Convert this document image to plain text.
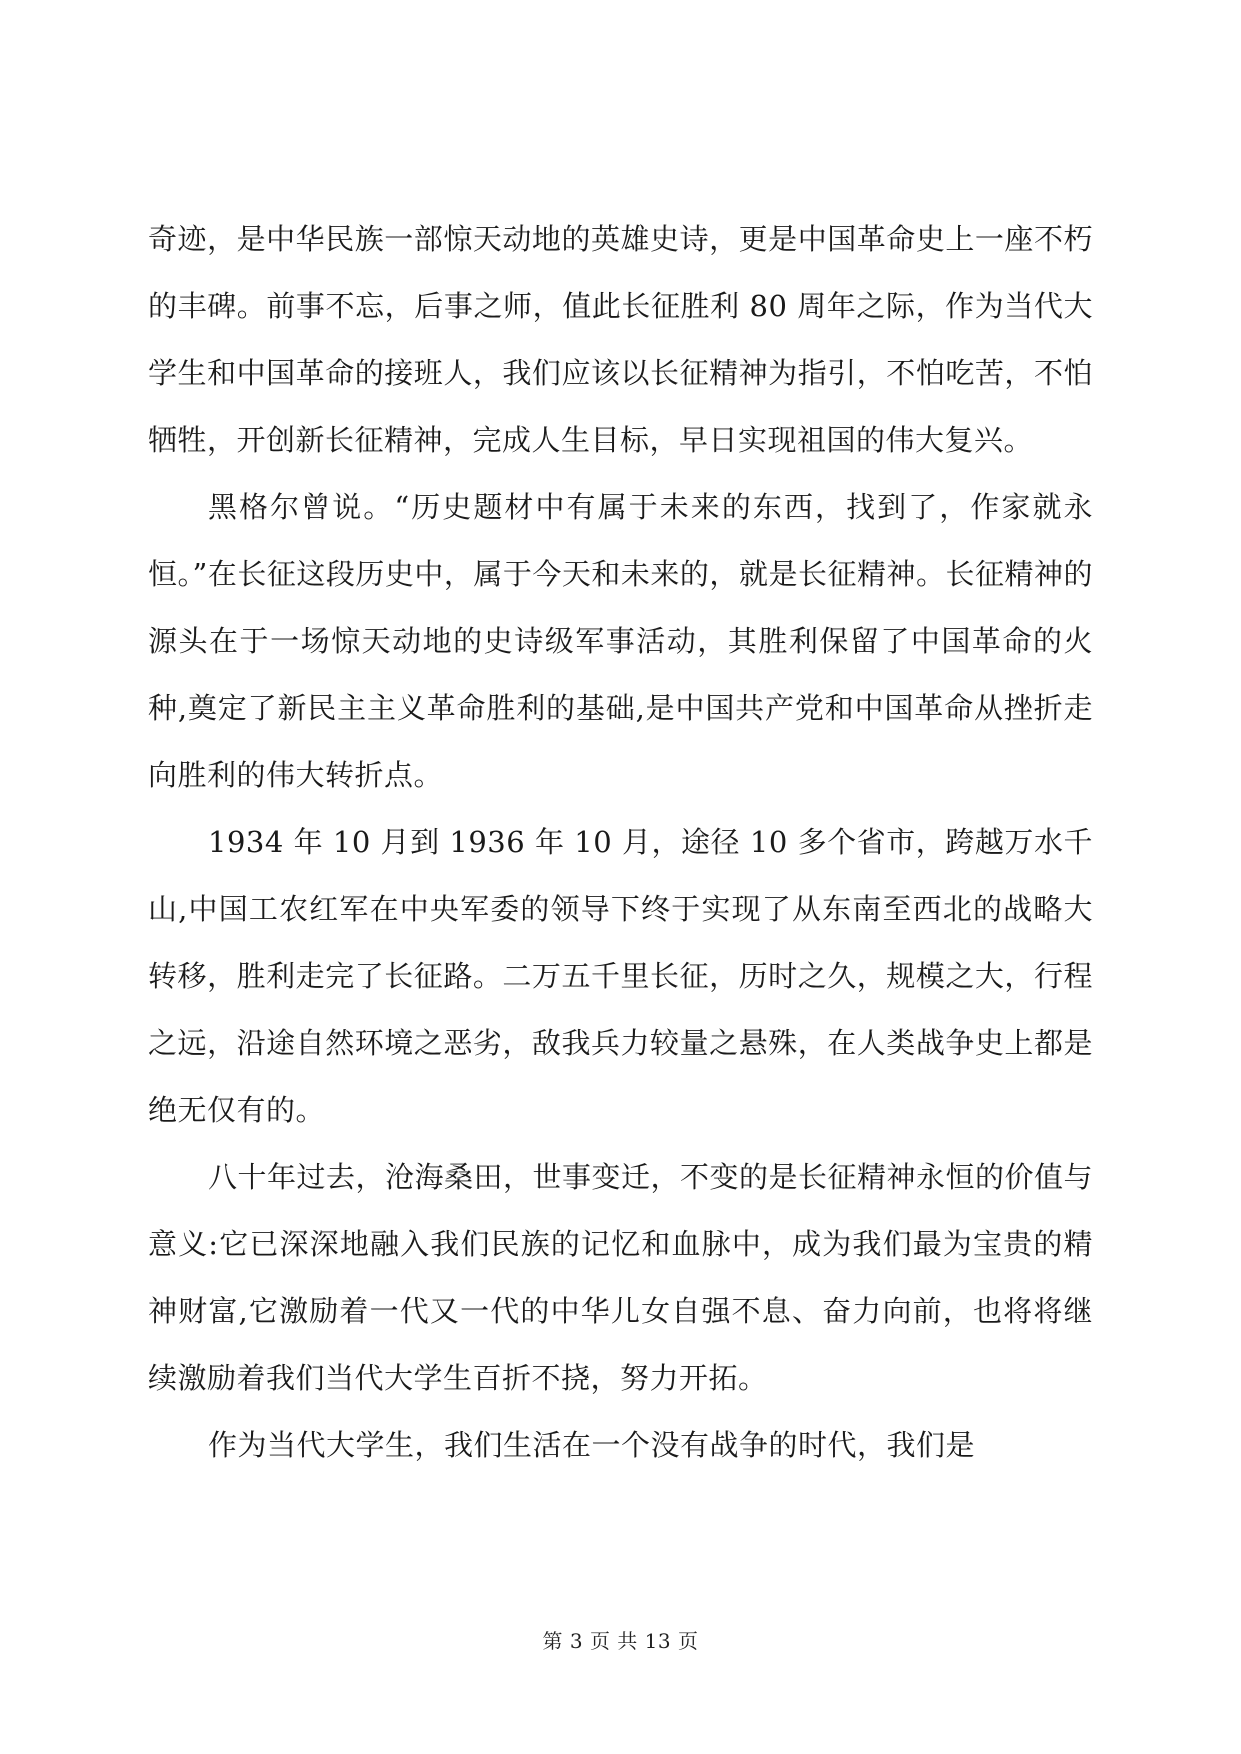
奇迹，是中华民族一部惊天动地的英雄史诗，更是中国革命史上一座不朽的丰碑。前事不忘，后事之师，值此长征胜利 80 周年之际，作为当代大学生和中国革命的接班人，我们应该以长征精神为指引，不怕吃苦，不怕牺牲，开创新长征精神，完成人生目标，早日实现祖国的伟大复兴。

黑格尔曾说。“历史题材中有属于未来的东西，找到了，作家就永恒。”在长征这段历史中，属于今天和未来的，就是长征精神。长征精神的源头在于一场惊天动地的史诗级军事活动，其胜利保留了中国革命的火种,奠定了新民主主义革命胜利的基础,是中国共产党和中国革命从挫折走向胜利的伟大转折点。

1934 年 10 月到 1936 年 10 月，途径 10 多个省市，跨越万水千山,中国工农红军在中央军委的领导下终于实现了从东南至西北的战略大转移，胜利走完了长征路。二万五千里长征，历时之久，规模之大，行程之远，沿途自然环境之恶劣，敌我兵力较量之悬殊，在人类战争史上都是绝无仅有的。

八十年过去，沧海桑田，世事变迁，不变的是长征精神永恒的价值与意义:它已深深地融入我们民族的记忆和血脉中，成为我们最为宝贵的精神财富,它激励着一代又一代的中华儿女自强不息、奋力向前，也将将继续激励着我们当代大学生百折不挠，努力开拓。

作为当代大学生，我们生活在一个没有战争的时代，我们是

第 3 页 共 13 页
